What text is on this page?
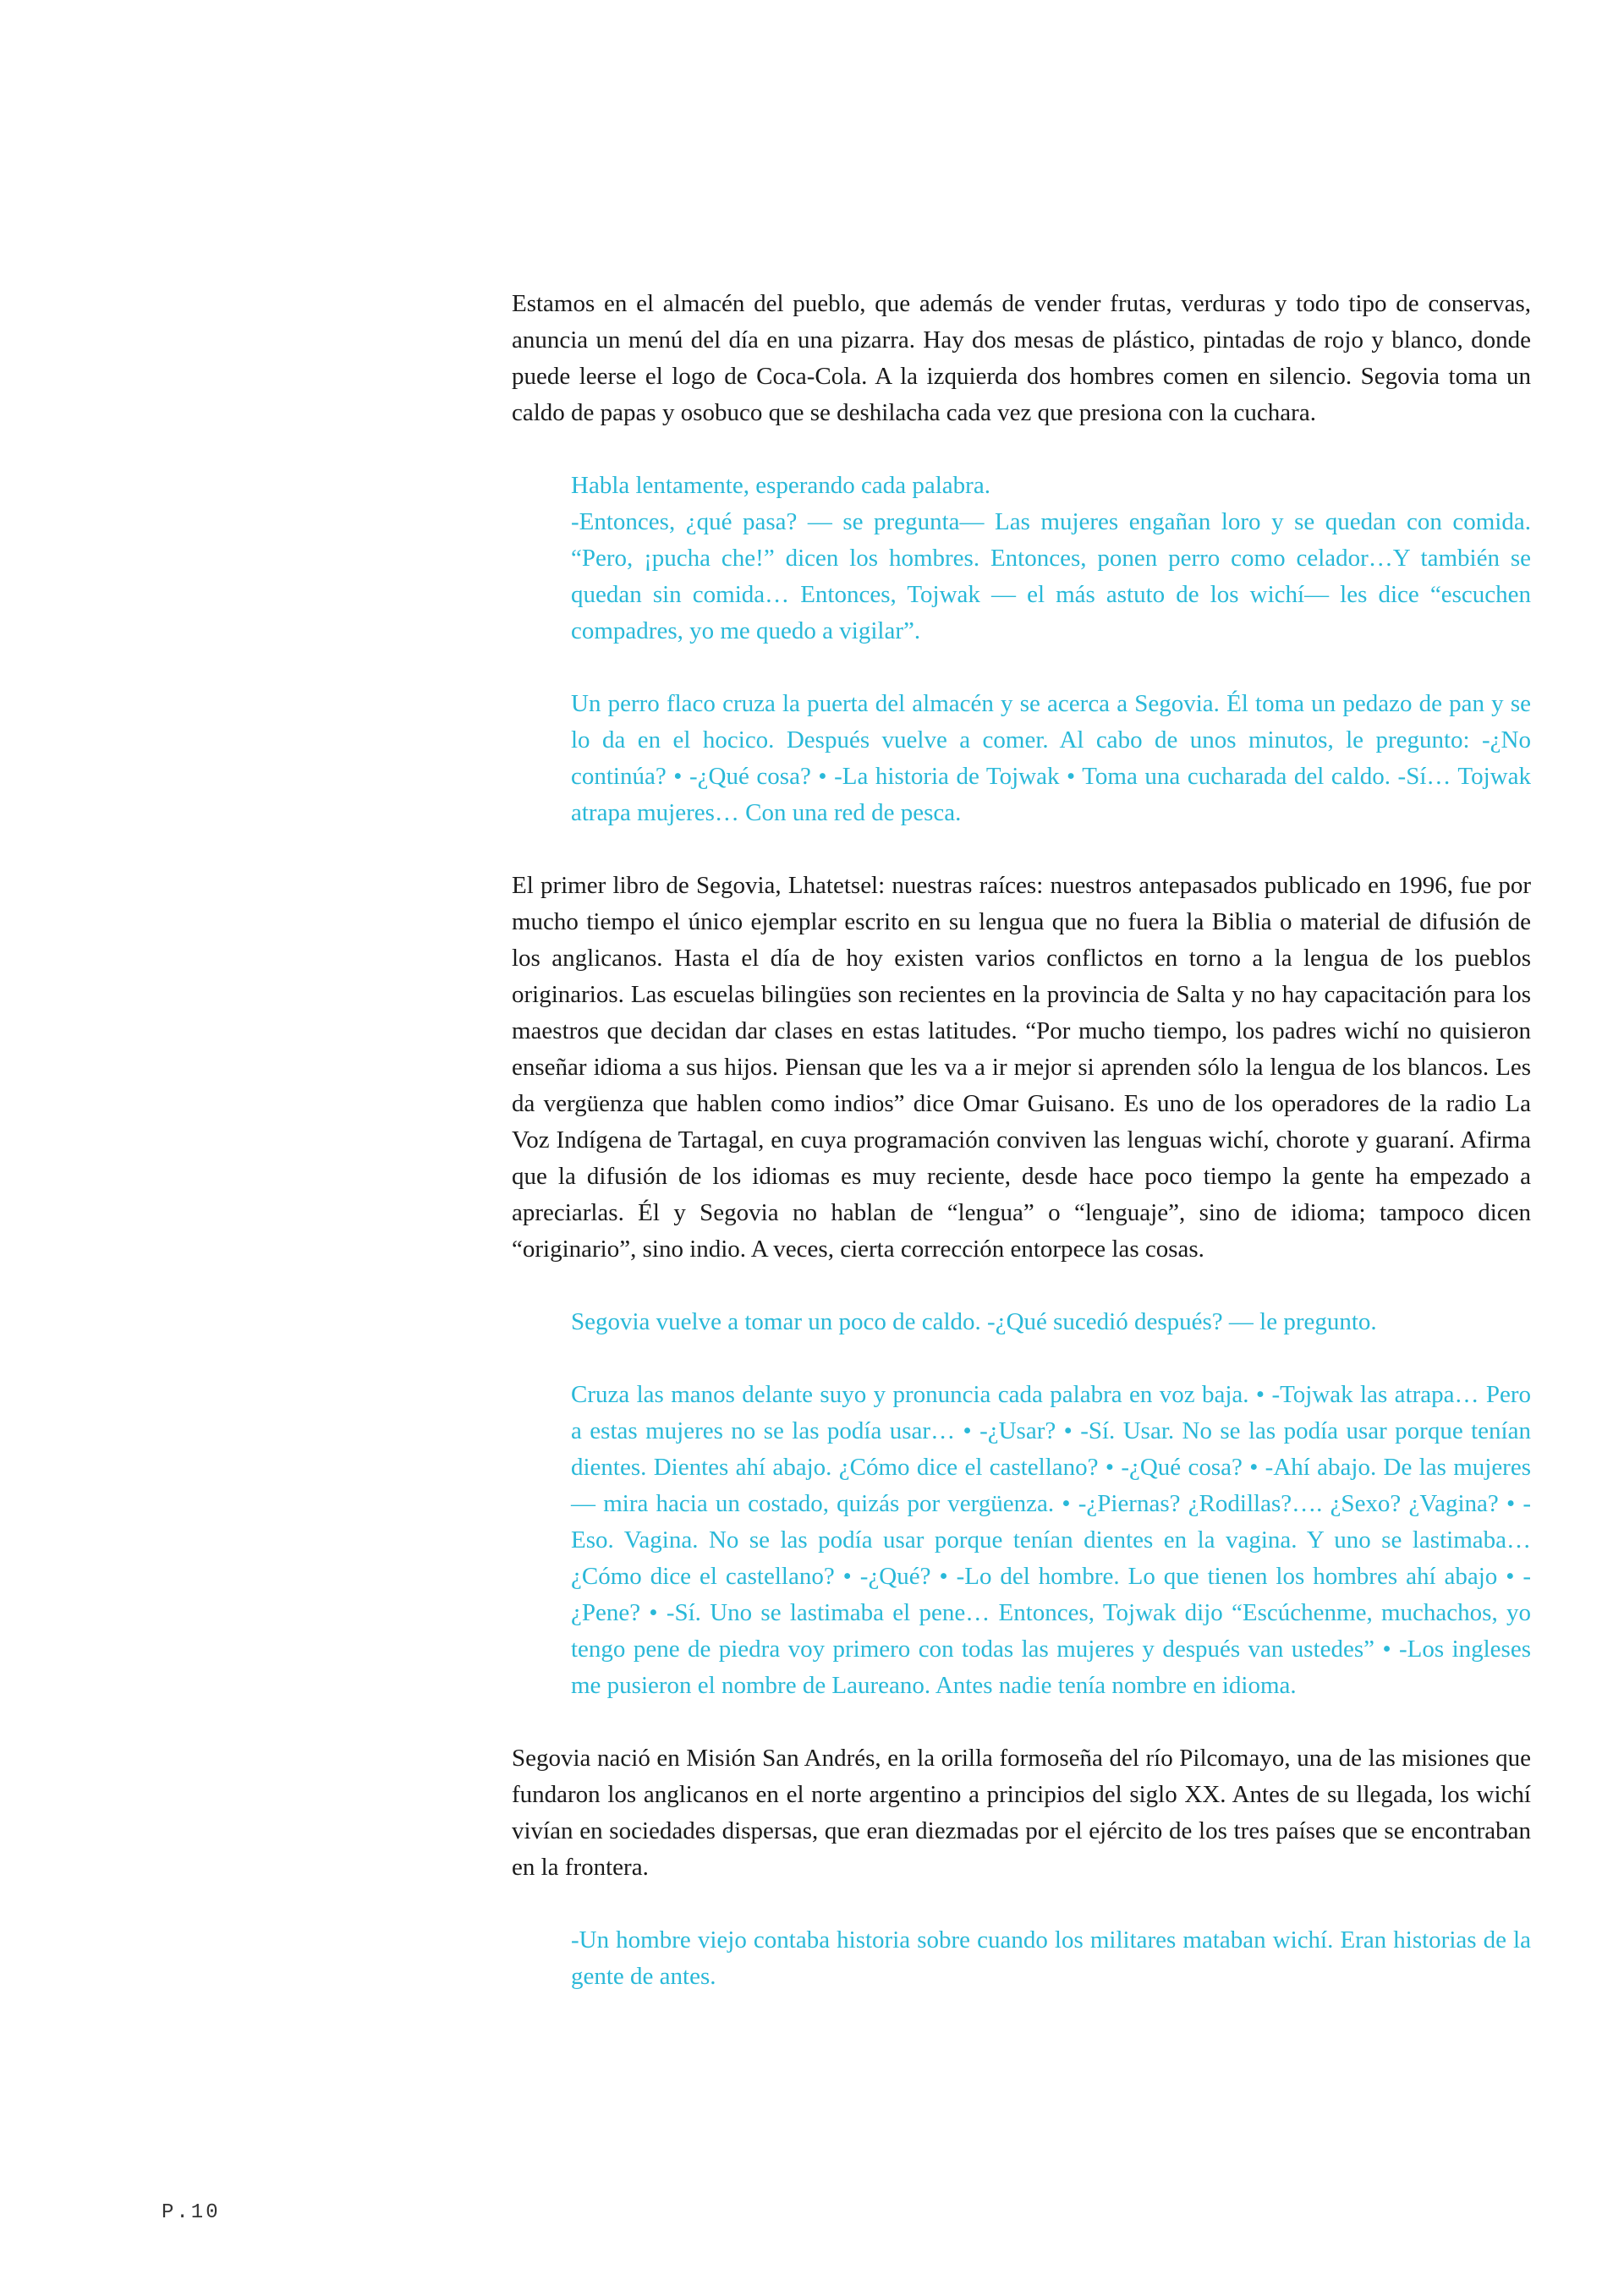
Estamos en el almacén del pueblo, que además de vender frutas, verduras y todo tipo de conservas, anuncia un menú del día en una pizarra. Hay dos mesas de plástico, pintadas de rojo y blanco, donde puede leerse el logo de Coca-Cola. A la izquierda dos hombres comen en silencio. Segovia toma un caldo de papas y osobuco que se deshilacha cada vez que presiona con la cuchara.

Habla lentamente, esperando cada palabra.

-Entonces, ¿qué pasa? — se pregunta— Las mujeres engañan loro y se quedan con comida. “Pero, ¡pucha che!” dicen los hombres. Entonces, ponen perro como celador…Y también se quedan sin comida… Entonces, Tojwak — el más astuto de los wichí— les dice “escuchen compadres, yo me quedo a vigilar”.

Un perro flaco cruza la puerta del almacén y se acerca a Segovia. Él toma un pedazo de pan y se lo da en el hocico. Después vuelve a comer. Al cabo de unos minutos, le pregunto: -¿No continúa? • -¿Qué cosa? • -La historia de Tojwak • Toma una cucharada del caldo. -Sí… Tojwak atrapa mujeres… Con una red de pesca.

El primer libro de Segovia, Lhatetsel: nuestras raíces: nuestros antepasados publicado en 1996, fue por mucho tiempo el único ejemplar escrito en su lengua que no fuera la Biblia o material de difusión de los anglicanos. Hasta el día de hoy existen varios conflictos en torno a la lengua de los pueblos originarios. Las escuelas bilingües son recientes en la provincia de Salta y no hay capacitación para los maestros que decidan dar clases en estas latitudes. “Por mucho tiempo, los padres wichí no quisieron enseñar idioma a sus hijos. Piensan que les va a ir mejor si aprenden sólo la lengua de los blancos. Les da vergüenza que hablen como indios” dice Omar Guisano. Es uno de los operadores de la radio La Voz Indígena de Tartagal, en cuya programación conviven las lenguas wichí, chorote y guaraní. Afirma que la difusión de los idiomas es muy reciente, desde hace poco tiempo la gente ha empezado a apreciarlas. Él y Segovia no hablan de “lengua” o “lenguaje”, sino de idioma; tampoco dicen “originario”, sino indio. A veces, cierta corrección entorpece las cosas.

Segovia vuelve a tomar un poco de caldo. -¿Qué sucedió después? — le pregunto.

Cruza las manos delante suyo y pronuncia cada palabra en voz baja. • -Tojwak las atrapa… Pero a estas mujeres no se las podía usar… • -¿Usar? • -Sí. Usar. No se las podía usar porque tenían dientes. Dientes ahí abajo. ¿Cómo dice el castellano? • -¿Qué cosa? • -Ahí abajo. De las mujeres — mira hacia un costado, quizás por vergüenza. • -¿Piernas? ¿Rodillas?…. ¿Sexo? ¿Vagina? • -Eso. Vagina. No se las podía usar porque tenían dientes en la vagina. Y uno se lastimaba… ¿Cómo dice el castellano? • -¿Qué? • -Lo del hombre. Lo que tienen los hombres ahí abajo • -¿Pene? • -Sí. Uno se lastimaba el pene… Entonces, Tojwak dijo “Escúchenme, muchachos, yo tengo pene de piedra voy primero con todas las mujeres y después van ustedes” • -Los ingleses me pusieron el nombre de Laureano. Antes nadie tenía nombre en idioma.

Segovia nació en Misión San Andrés, en la orilla formoseña del río Pilcomayo, una de las misiones que fundaron los anglicanos en el norte argentino a principios del siglo XX. Antes de su llegada, los wichí vivían en sociedades dispersas, que eran diezmadas por el ejército de los tres países que se encontraban en la frontera.

-Un hombre viejo contaba historia sobre cuando los militares mataban wichí. Eran historias de la gente de antes.

P.10
